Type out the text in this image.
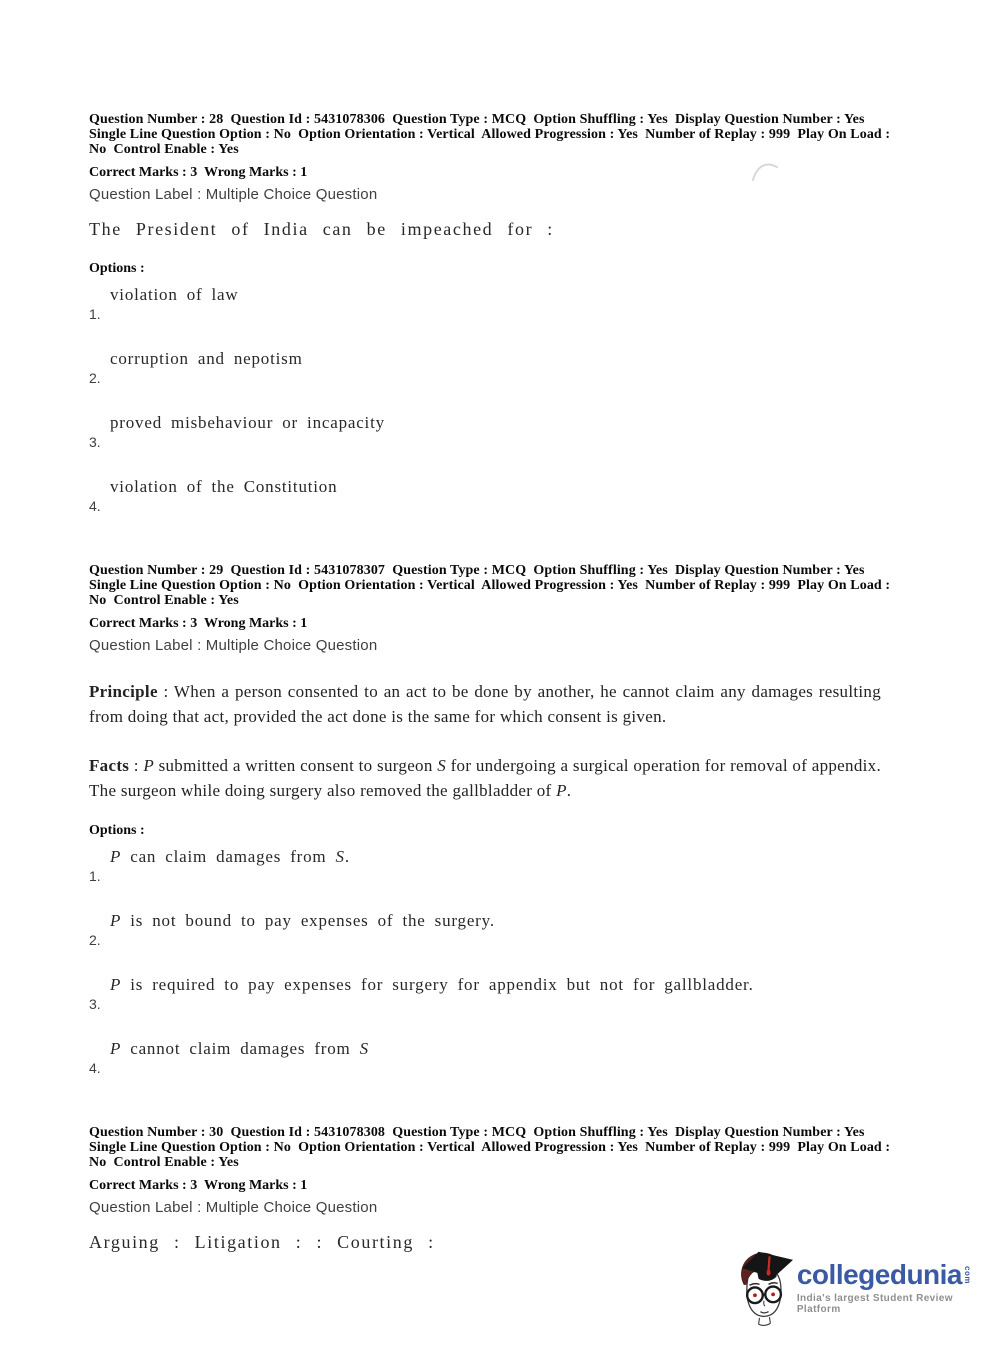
Question Number : 28  Question Id : 5431078306  Question Type : MCQ  Option Shuffling : Yes  Display Question Number : Yes
Single Line Question Option : No  Option Orientation : Vertical  Allowed Progression : Yes  Number of Replay : 999  Play On Load :
No  Control Enable : Yes
Correct Marks : 3  Wrong Marks : 1
Question Label : Multiple Choice Question
The President of India can be impeached for :
Options :
1.
violation of law
2.
corruption and nepotism
3.
proved misbehaviour or incapacity
4.
violation of the Constitution
Question Number : 29  Question Id : 5431078307  Question Type : MCQ  Option Shuffling : Yes  Display Question Number : Yes
Single Line Question Option : No  Option Orientation : Vertical  Allowed Progression : Yes  Number of Replay : 999  Play On Load :
No  Control Enable : Yes
Correct Marks : 3  Wrong Marks : 1
Question Label : Multiple Choice Question
Principle : When a person consented to an act to be done by another, he cannot claim any damages resulting from doing that act, provided the act done is the same for which consent is given.
Facts : P submitted a written consent to surgeon S for undergoing a surgical operation for removal of appendix. The surgeon while doing surgery also removed the gallbladder of P.
Options :
1.
P can claim damages from S.
2.
P is not bound to pay expenses of the surgery.
3.
P is required to pay expenses for surgery for appendix but not for gallbladder.
4.
P cannot claim damages from S
Question Number : 30  Question Id : 5431078308  Question Type : MCQ  Option Shuffling : Yes  Display Question Number : Yes
Single Line Question Option : No  Option Orientation : Vertical  Allowed Progression : Yes  Number of Replay : 999  Play On Load :
No  Control Enable : Yes
Correct Marks : 3  Wrong Marks : 1
Question Label : Multiple Choice Question
Arguing : Litigation : : Courting :
collegedunia com
India's largest Student Review Platform
